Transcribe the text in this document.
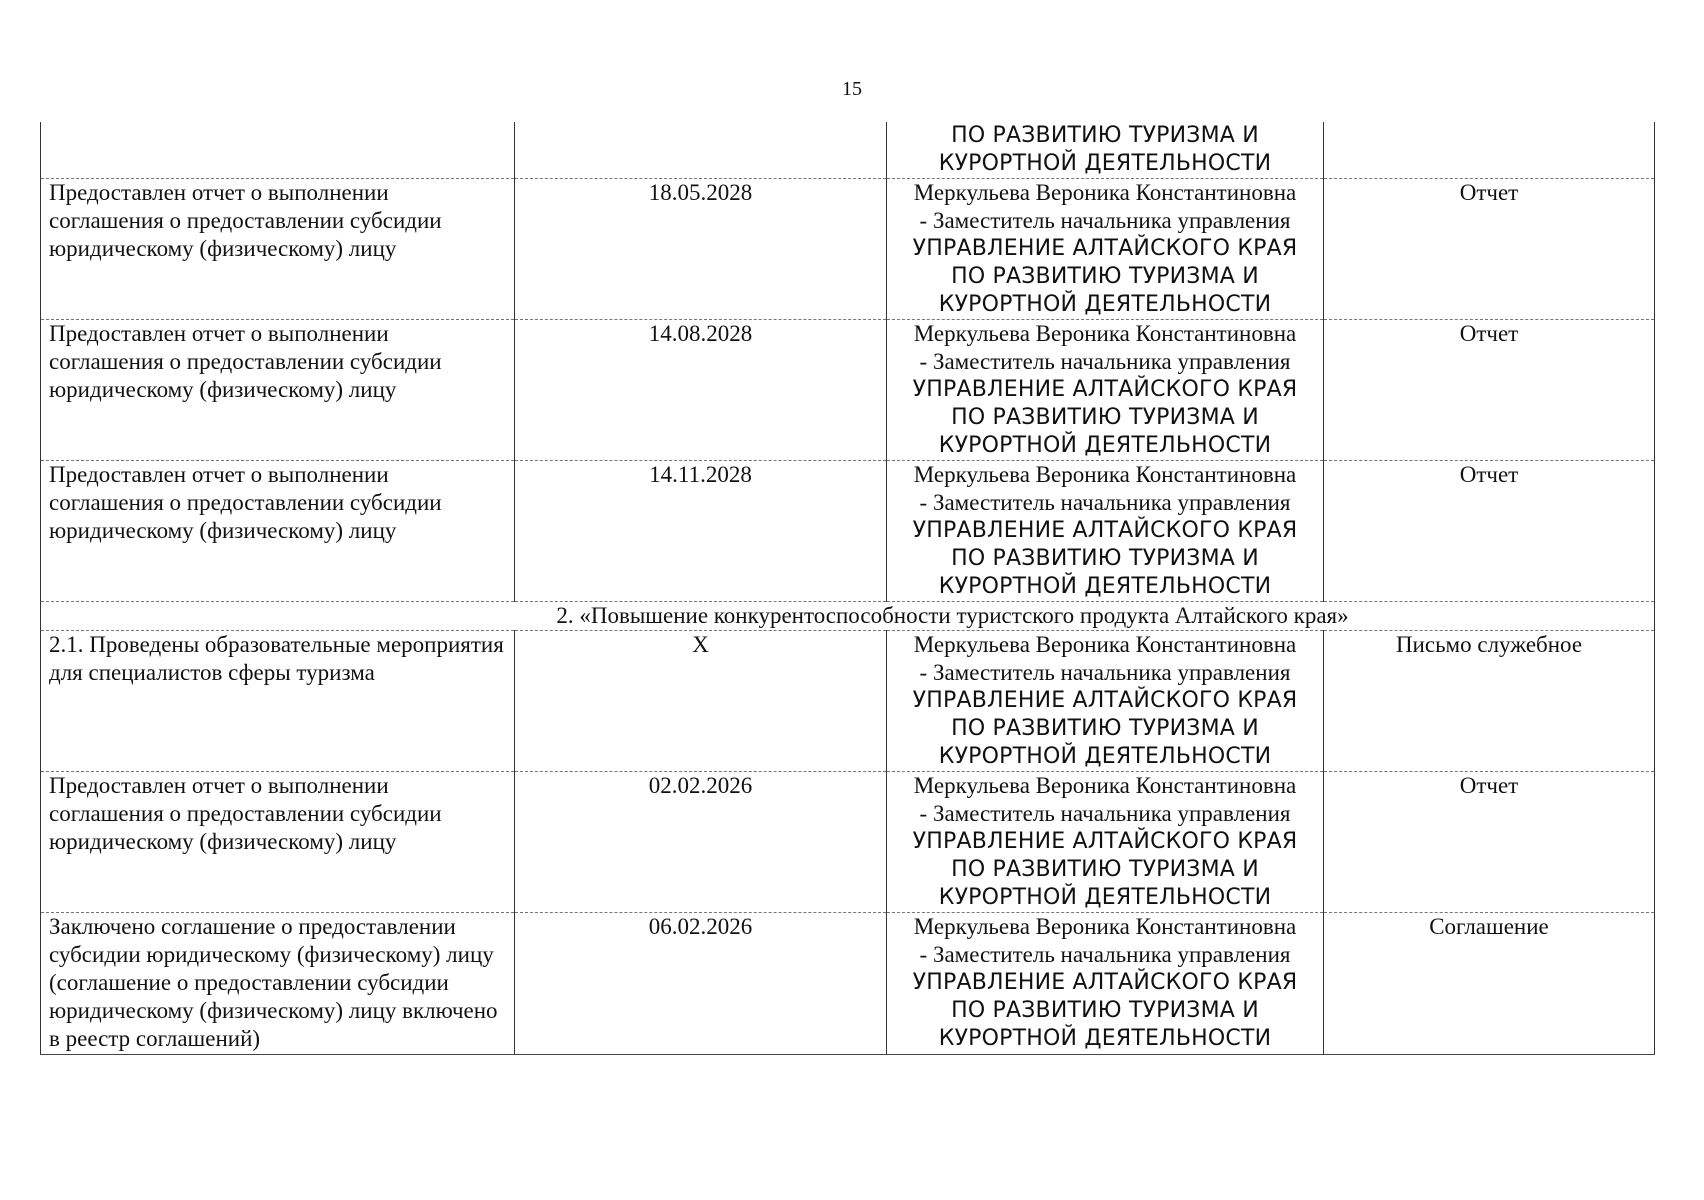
15

		ПО РАЗВИТИЮ ТУРИЗМА И КУРОРТНОЙ ДЕЯТЕЛЬНОСТИ	

Предоставлен отчет о выполнении соглашения о предоставлении субсидии юридическому (физическому) лицу	18.05.2028	Меркульева Вероника Константиновна
- Заместитель начальника управления
УПРАВЛЕНИЕ АЛТАЙСКОГО КРАЯ ПО РАЗВИТИЮ ТУРИЗМА И КУРОРТНОЙ ДЕЯТЕЛЬНОСТИ	Отчет
Предоставлен отчет о выполнении соглашения о предоставлении субсидии юридическому (физическому) лицу	14.08.2028	Меркульева Вероника Константиновна
- Заместитель начальника управления
УПРАВЛЕНИЕ АЛТАЙСКОГО КРАЯ ПО РАЗВИТИЮ ТУРИЗМА И КУРОРТНОЙ ДЕЯТЕЛЬНОСТИ	Отчет
Предоставлен отчет о выполнении соглашения о предоставлении субсидии юридическому (физическому) лицу	14.11.2028	Меркульева Вероника Константиновна
- Заместитель начальника управления
УПРАВЛЕНИЕ АЛТАЙСКОГО КРАЯ ПО РАЗВИТИЮ ТУРИЗМА И КУРОРТНОЙ ДЕЯТЕЛЬНОСТИ	Отчет
2. «Повышение конкурентоспособности туристского продукта Алтайского края»			
2.1. Проведены образовательные мероприятия для специалистов сферы туризма	X	Меркульева Вероника Константиновна
- Заместитель начальника управления
УПРАВЛЕНИЕ АЛТАЙСКОГО КРАЯ ПО РАЗВИТИЮ ТУРИЗМА И КУРОРТНОЙ ДЕЯТЕЛЬНОСТИ	Письмо служебное
Предоставлен отчет о выполнении соглашения о предоставлении субсидии юридическому (физическому) лицу	02.02.2026	Меркульева Вероника Константиновна
- Заместитель начальника управления
УПРАВЛЕНИЕ АЛТАЙСКОГО КРАЯ ПО РАЗВИТИЮ ТУРИЗМА И КУРОРТНОЙ ДЕЯТЕЛЬНОСТИ	Отчет
Заключено соглашение о предоставлении субсидии юридическому (физическому) лицу (соглашение о предоставлении субсидии юридическому (физическому) лицу включено в реестр соглашений)	06.02.2026	Меркульева Вероника Константиновна
- Заместитель начальника управления
УПРАВЛЕНИЕ АЛТАЙСКОГО КРАЯ ПО РАЗВИТИЮ ТУРИЗМА И КУРОРТНОЙ ДЕЯТЕЛЬНОСТИ	Соглашение
